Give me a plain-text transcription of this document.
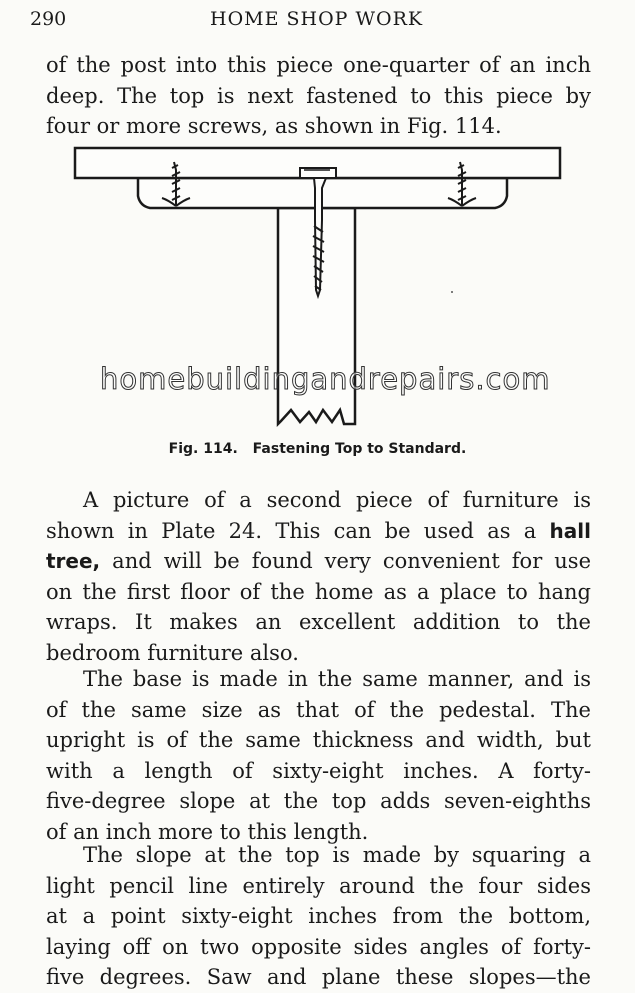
290	HOME SHOP WORK
of the post into this piece one-quarter of an inch
deep. The top is next fastened to this piece by
four or more screws, as shown in Fig. 114.
homebuildingandrepairs.com
Fig. 114. Fastening Top to Standard.
A picture of a second piece of furniture is
shown in Plate 24. This can be used as a hall
tree, and will be found very convenient for use
on the first floor of the home as a place to hang
wraps. It makes an excellent addition to the
bedroom furniture also.
The base is made in the same manner, and is
of the same size as that of the pedestal. The
upright is of the same thickness and width, but
with a length of sixty-eight inches. A forty-
five-degree slope at the top adds seven-eighths
of an inch more to this length.
The slope at the top is made by squaring a
light pencil line entirely around the four sides
at a point sixty-eight inches from the bottom,
laying off on two opposite sides angles of forty-
five degrees. Saw and plane these slopes—the
